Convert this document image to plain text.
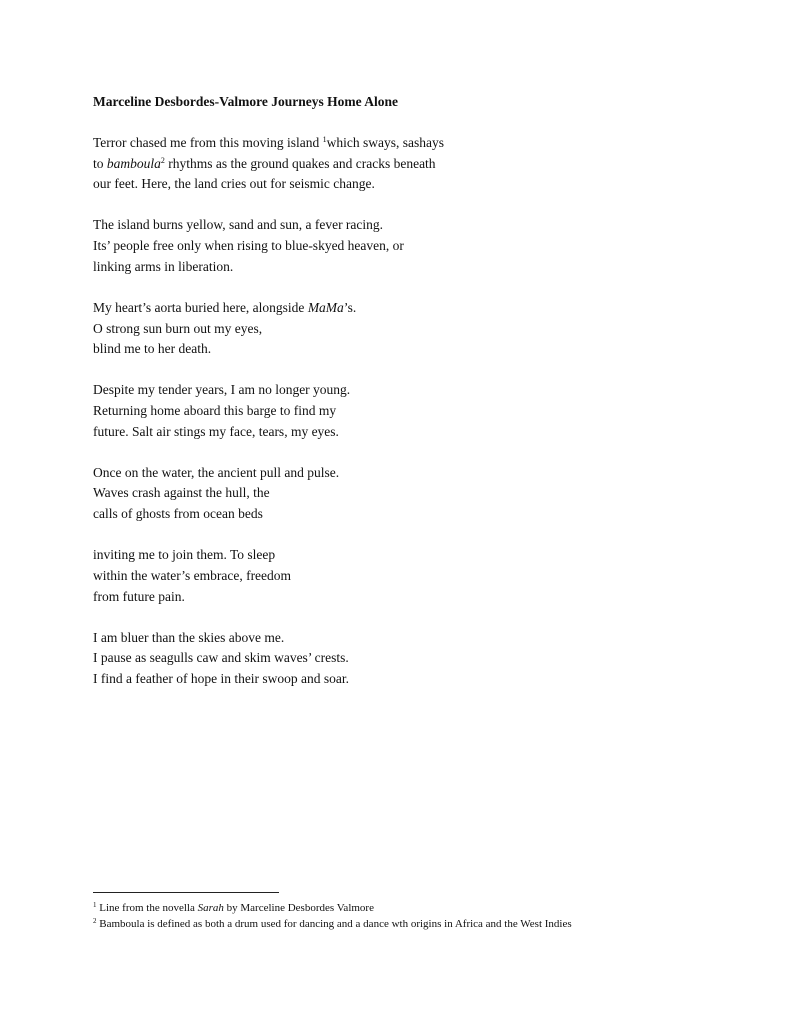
Marceline Desbordes-Valmore Journeys Home Alone
Terror chased me from this moving island $^1$which sways, sashays
to bamboula$^2$ rhythms as the ground quakes and cracks beneath
our feet. Here, the land cries out for seismic change.
The island burns yellow, sand and sun, a fever racing.
Its’ people free only when rising to blue-skyed heaven, or
linking arms in liberation.
My heart’s aorta buried here, alongside MaMa’s.
O strong sun burn out my eyes,
blind me to her death.
Despite my tender years, I am no longer young.
Returning home aboard this barge to find my
future. Salt air stings my face, tears, my eyes.
Once on the water, the ancient pull and pulse.
Waves crash against the hull, the
calls of ghosts from ocean beds
inviting me to join them. To sleep
within the water’s embrace, freedom
from future pain.
I am bluer than the skies above me.
I pause as seagulls caw and skim waves’ crests.
I find a feather of hope in their swoop and soar.
$^1$ Line from the novella Sarah by Marceline Desbordes Valmore
$^2$ Bamboula is defined as both a drum used for dancing and a dance wth origins in Africa and the West Indies
